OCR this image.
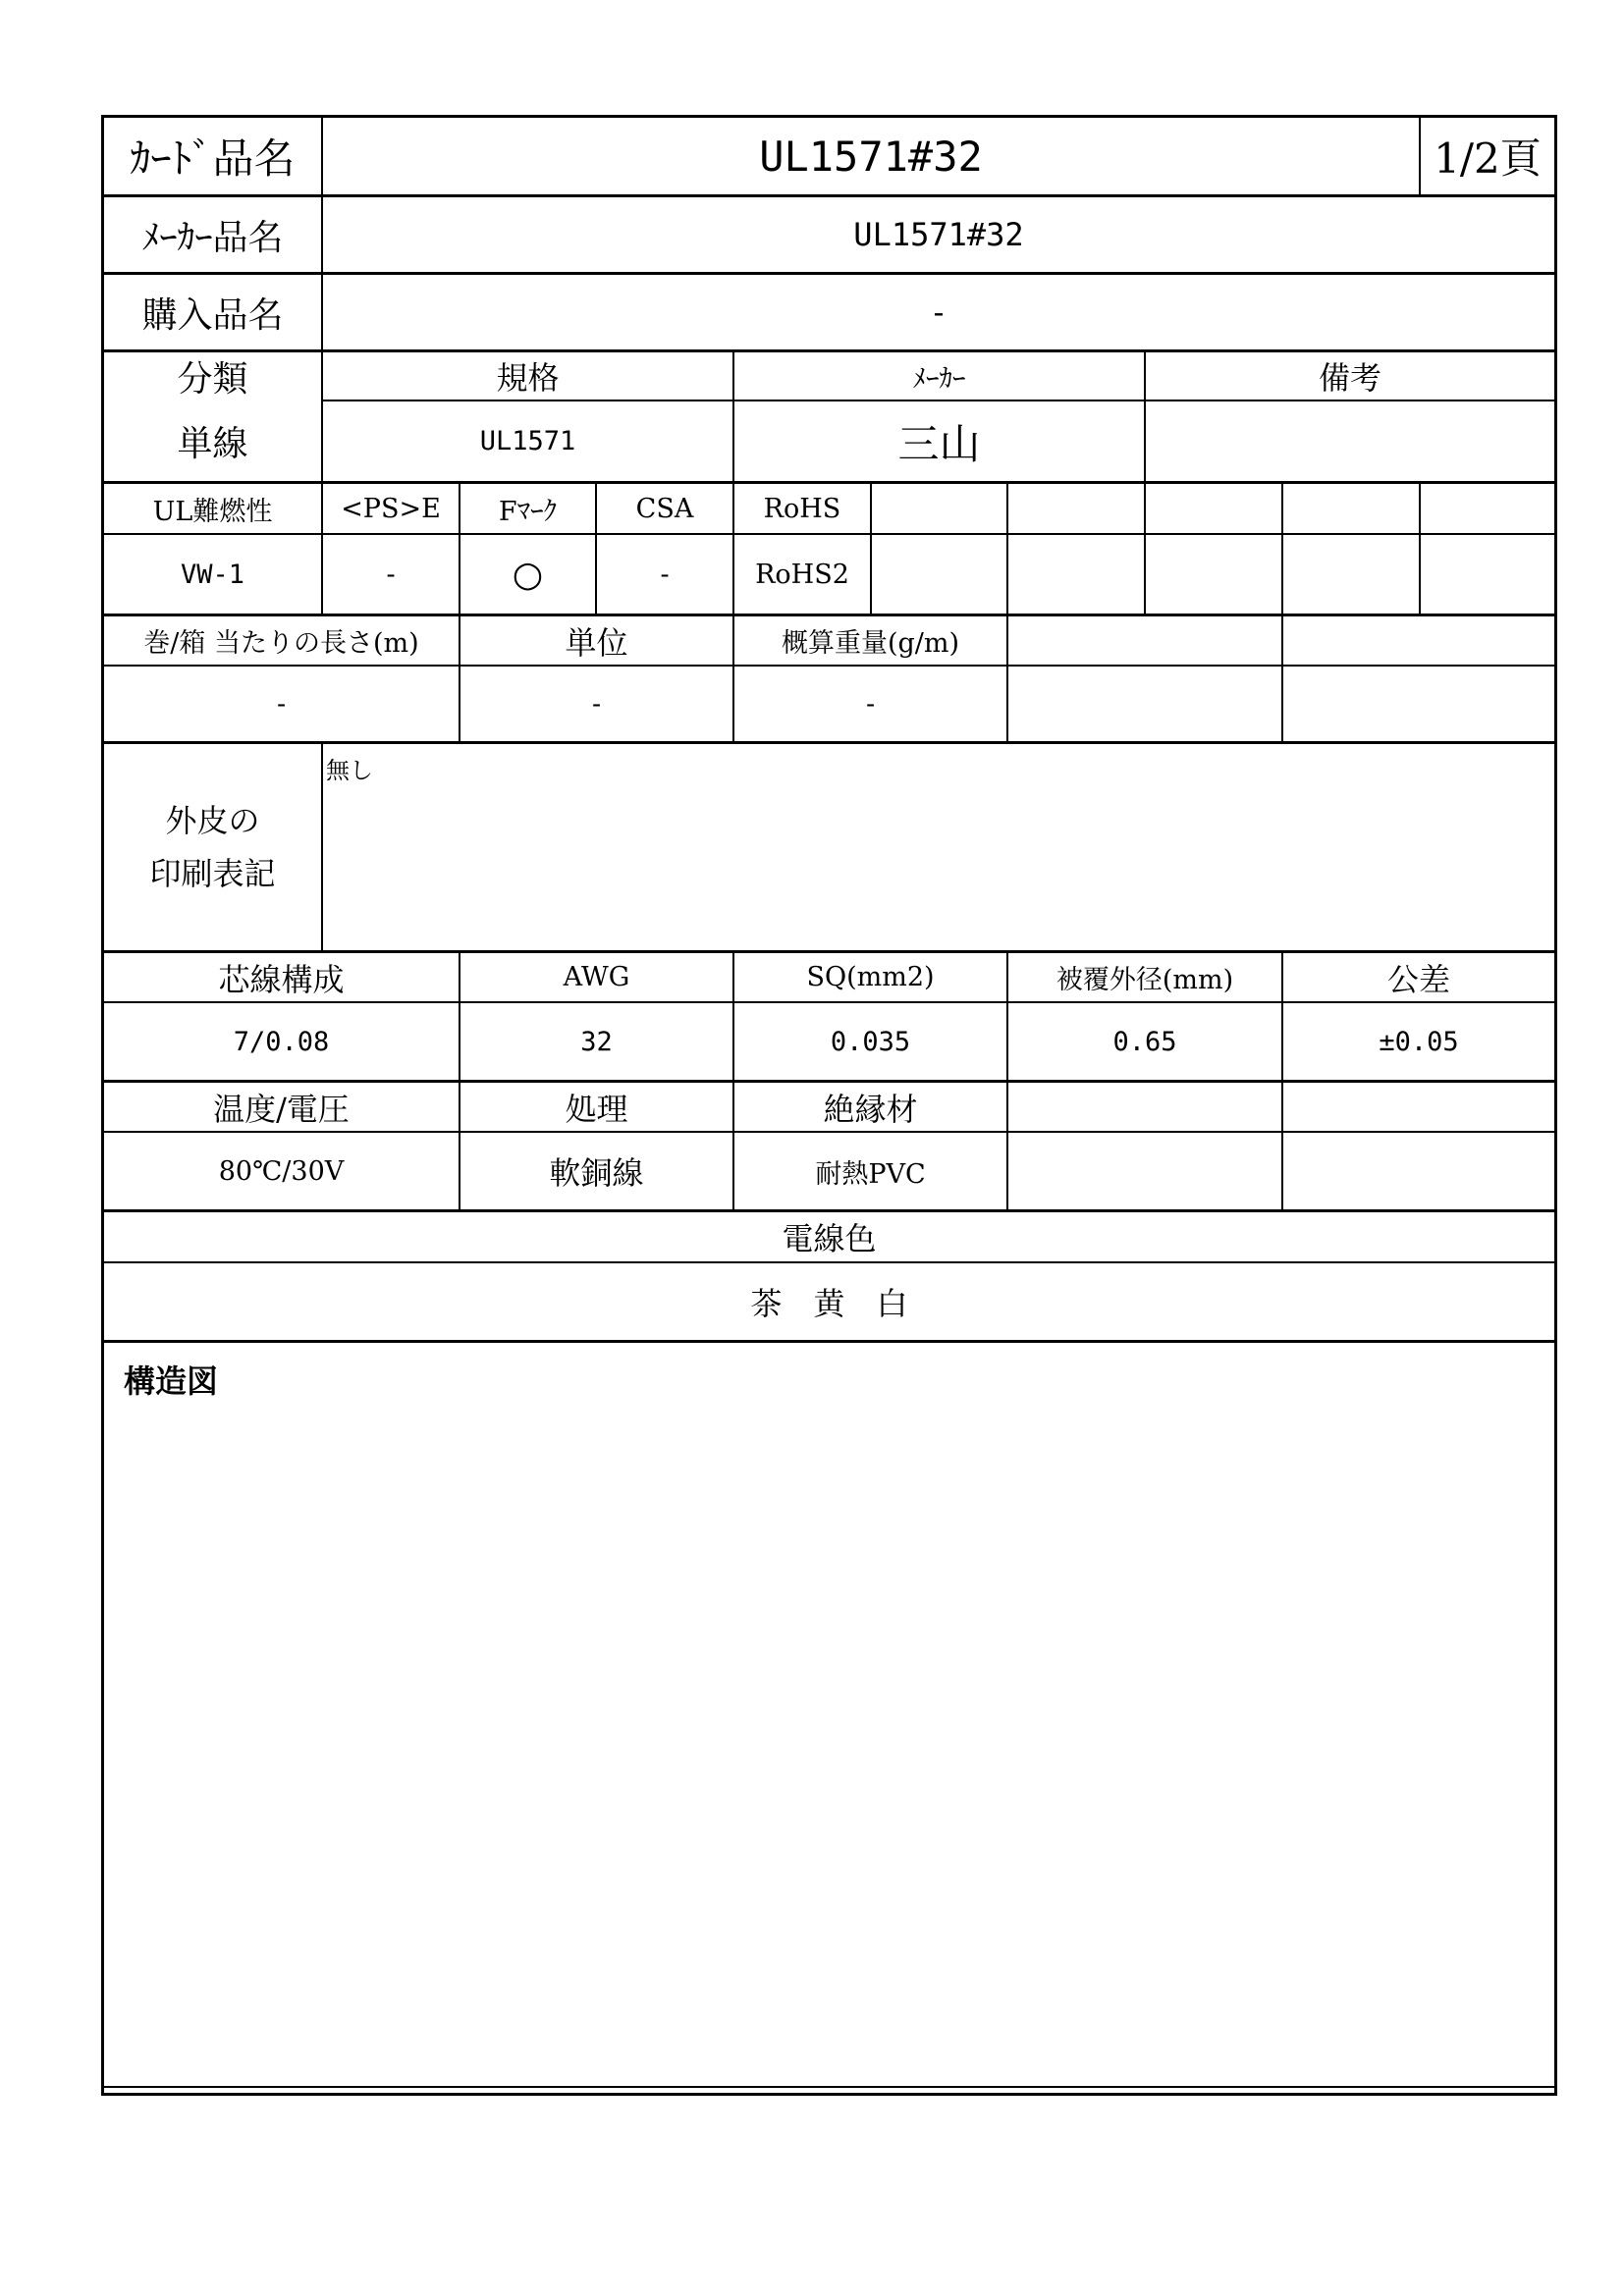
ｶｰﾄﾞ品名	UL1571#32	1/2頁
ﾒｰｶｰ品名	UL1571#32
購入品名	-
分類	規格	ﾒｰｶｰ	備考
単線	UL1571	三山
UL難燃性	<PS>E	Fﾏｰｸ	CSA	RoHS
VW-1	-	○	-	RoHS2
巻/箱 当たりの長さ(m)	単位	概算重量(g/m)
-	-	-
外皮の
印刷表記
無し
芯線構成	AWG	SQ(mm2)	被覆外径(mm)	公差
7/0.08	32	0.035	0.65	±0.05
温度/電圧	処理	絶縁材
80℃/30V	軟銅線	耐熱PVC
電線色
茶　黄　白
構造図
